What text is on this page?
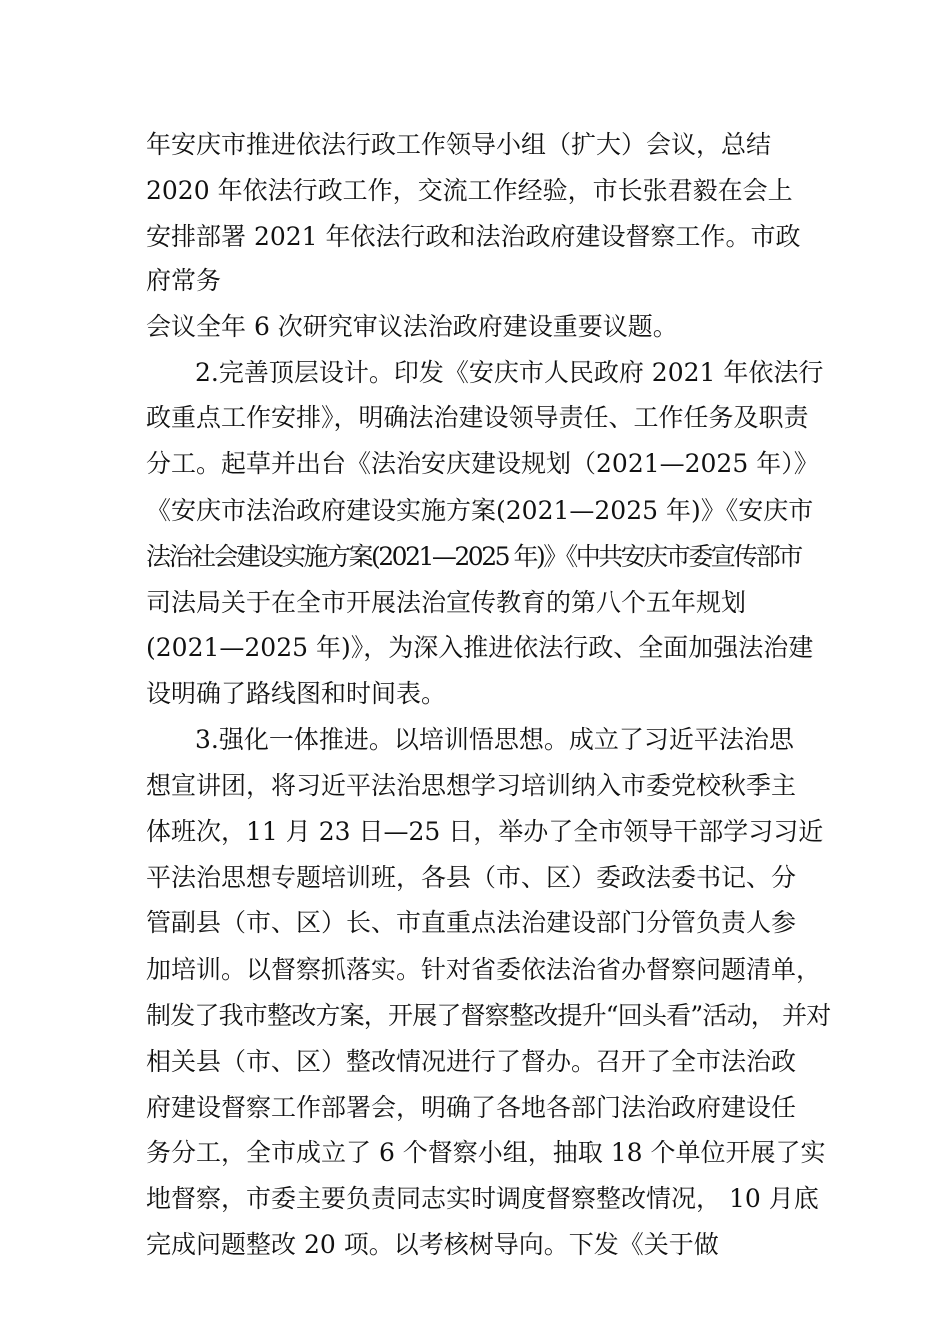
年安庆市推进依法行政工作领导小组（扩大）会议，总结
2020 年依法行政工作，交流工作经验，市长张君毅在会上
安排部署 2021 年依法行政和法治政府建设督察工作。市政
府常务
会议全年 6 次研究审议法治政府建设重要议题。
2.完善顶层设计。印发《安庆市人民政府 2021 年依法行
政重点工作安排》，明确法治建设领导责任、工作任务及职责
分工。起草并出台《法治安庆建设规划（2021—2025 年）》
《安庆市法治政府建设实施方案(2021—2025 年)》《安庆市
法治社会建设实施方案(2021—2025 年)》《中共安庆市委宣传部市
司法局关于在全市开展法治宣传教育的第八个五年规划
(2021—2025 年)》，为深入推进依法行政、全面加强法治建
设明确了路线图和时间表。
3.强化一体推进。以培训悟思想。成立了习近平法治思
想宣讲团，将习近平法治思想学习培训纳入市委党校秋季主
体班次，11 月 23 日—25 日，举办了全市领导干部学习习近
平法治思想专题培训班，各县（市、区）委政法委书记、分
管副县（市、区）长、市直重点法治建设部门分管负责人参
加培训。以督察抓落实。针对省委依法治省办督察问题清单，
制发了我市整改方案，开展了督察整改提升“回头看”活动， 并对
相关县（市、区）整改情况进行了督办。召开了全市法治政
府建设督察工作部署会，明确了各地各部门法治政府建设任
务分工，全市成立了 6 个督察小组，抽取 18 个单位开展了实
地督察，市委主要负责同志实时调度督察整改情况， 10 月底
完成问题整改 20 项。以考核树导向。下发《关于做
